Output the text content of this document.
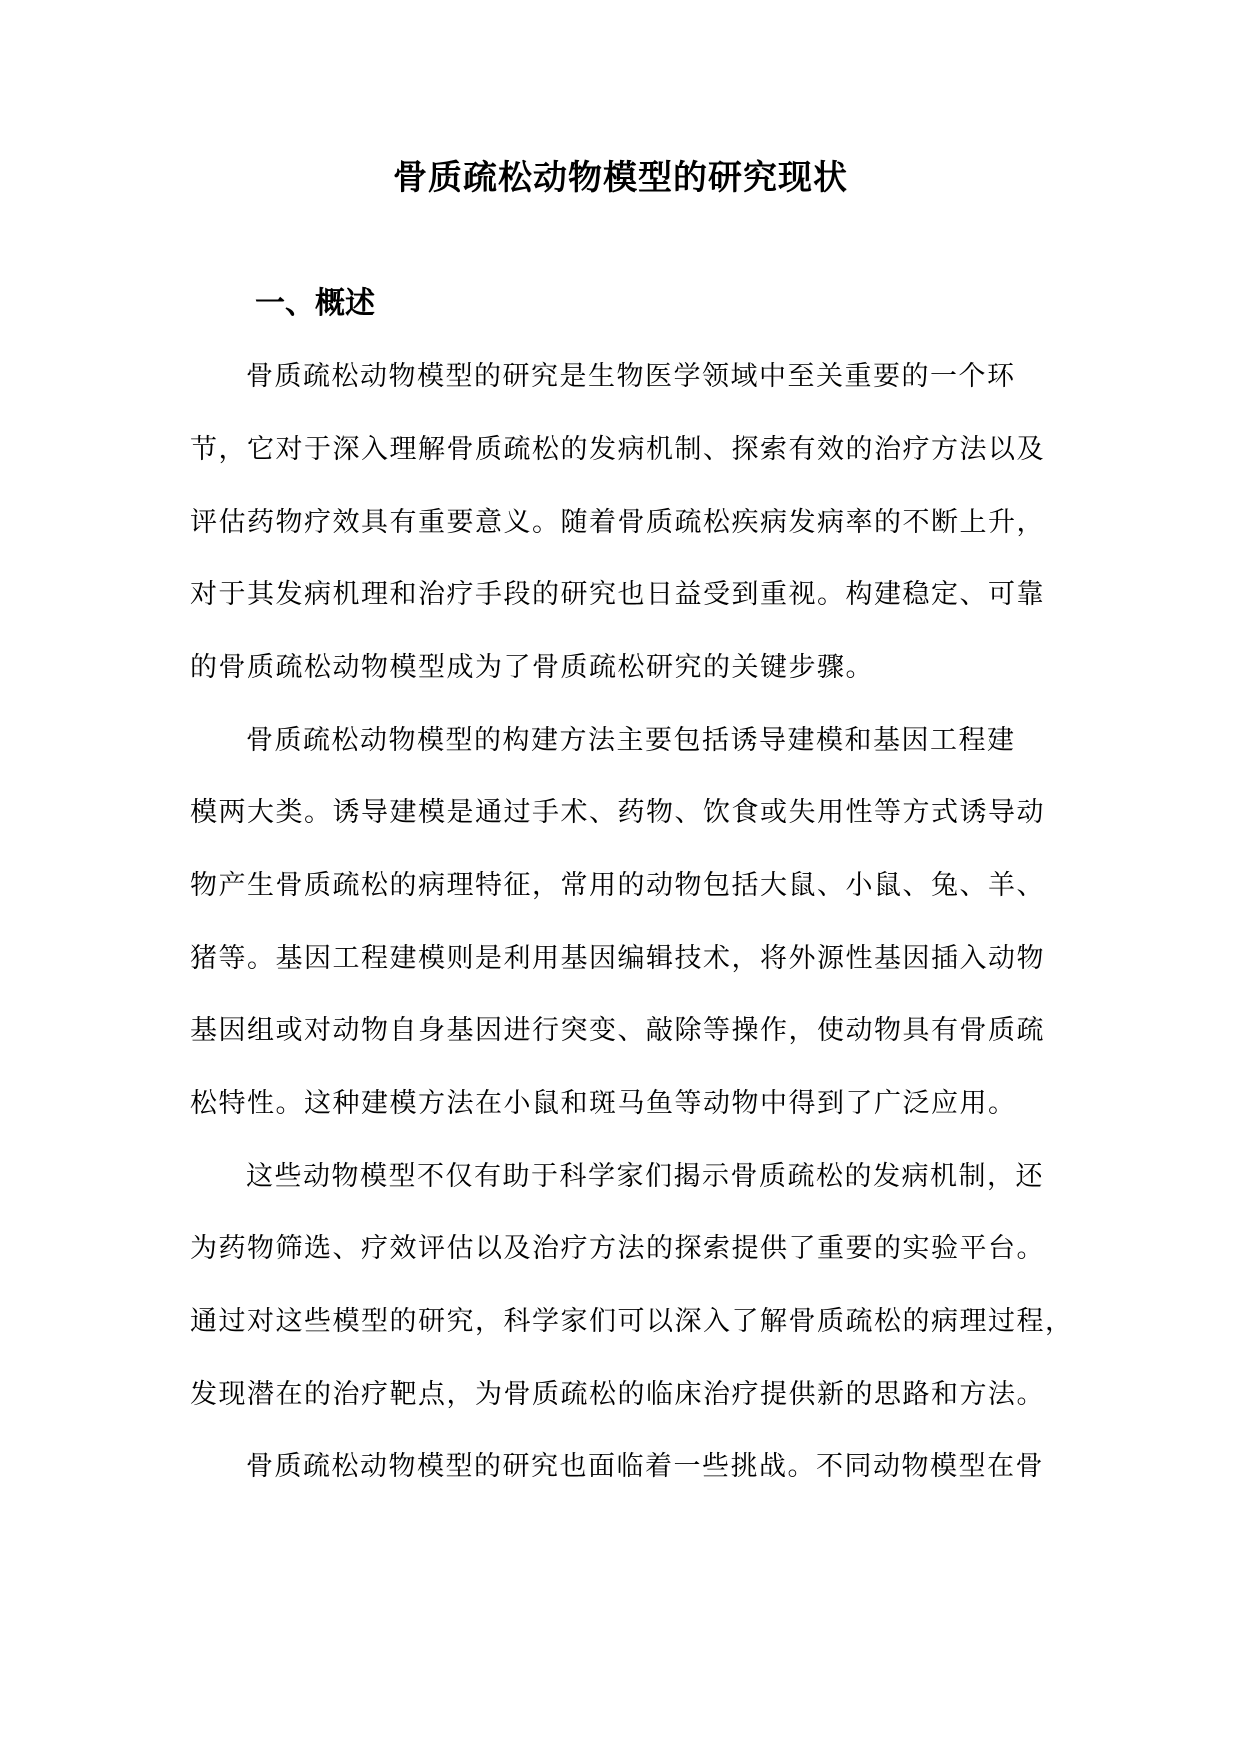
骨质疏松动物模型的研究现状
一、概述
骨质疏松动物模型的研究是生物医学领域中至关重要的一个环
节，它对于深入理解骨质疏松的发病机制、探索有效的治疗方法以及
评估药物疗效具有重要意义。随着骨质疏松疾病发病率的不断上升，
对于其发病机理和治疗手段的研究也日益受到重视。构建稳定、可靠
的骨质疏松动物模型成为了骨质疏松研究的关键步骤。
骨质疏松动物模型的构建方法主要包括诱导建模和基因工程建
模两大类。诱导建模是通过手术、药物、饮食或失用性等方式诱导动
物产生骨质疏松的病理特征，常用的动物包括大鼠、小鼠、兔、羊、
猪等。基因工程建模则是利用基因编辑技术，将外源性基因插入动物
基因组或对动物自身基因进行突变、敲除等操作，使动物具有骨质疏
松特性。这种建模方法在小鼠和斑马鱼等动物中得到了广泛应用。
这些动物模型不仅有助于科学家们揭示骨质疏松的发病机制，还
为药物筛选、疗效评估以及治疗方法的探索提供了重要的实验平台。
通过对这些模型的研究，科学家们可以深入了解骨质疏松的病理过程，
发现潜在的治疗靶点，为骨质疏松的临床治疗提供新的思路和方法。
骨质疏松动物模型的研究也面临着一些挑战。不同动物模型在骨
